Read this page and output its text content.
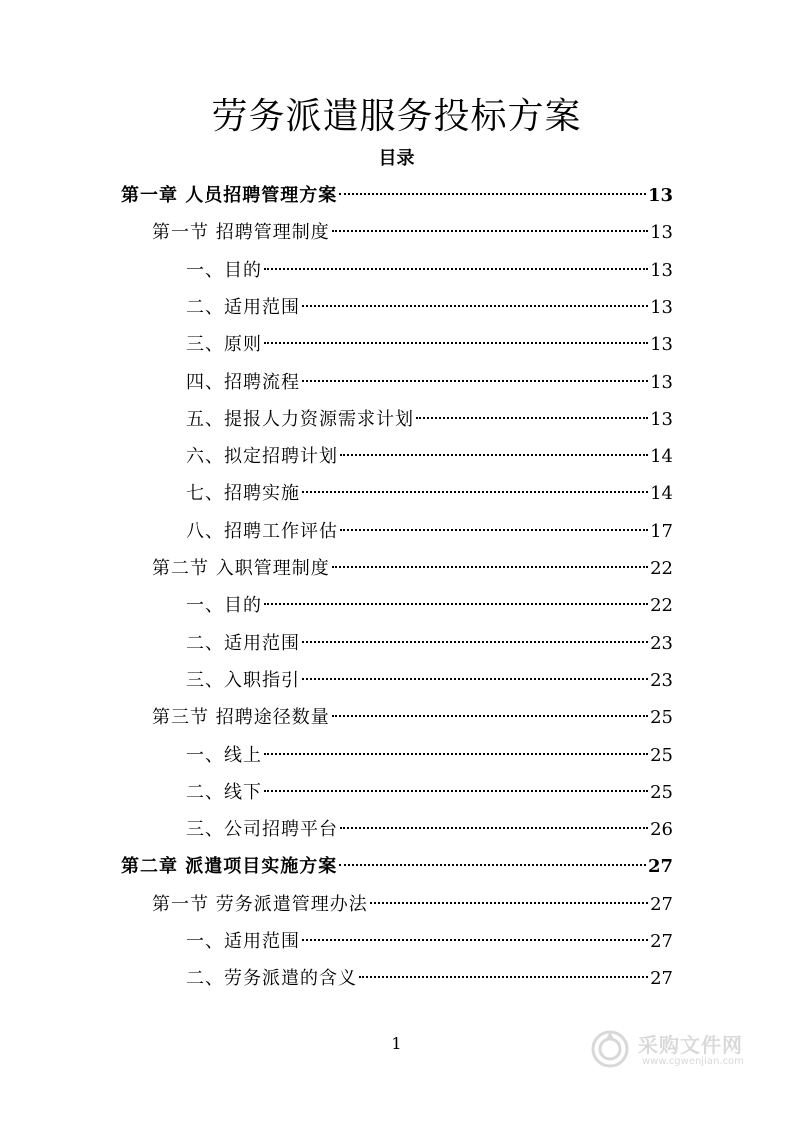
劳务派遣服务投标方案
目录
第一章 人员招聘管理方案	13
第一节 招聘管理制度	13
一、目的	13
二、适用范围	13
三、原则	13
四、招聘流程	13
五、提报人力资源需求计划	13
六、拟定招聘计划	14
七、招聘实施	14
八、招聘工作评估	17
第二节 入职管理制度	22
一、目的	22
二、适用范围	23
三、入职指引	23
第三节 招聘途径数量	25
一、线上	25
二、线下	25
三、公司招聘平台	26
第二章 派遣项目实施方案	27
第一节 劳务派遣管理办法	27
一、适用范围	27
二、劳务派遣的含义	27
1	采购文件网
www.cgwenjian.com
